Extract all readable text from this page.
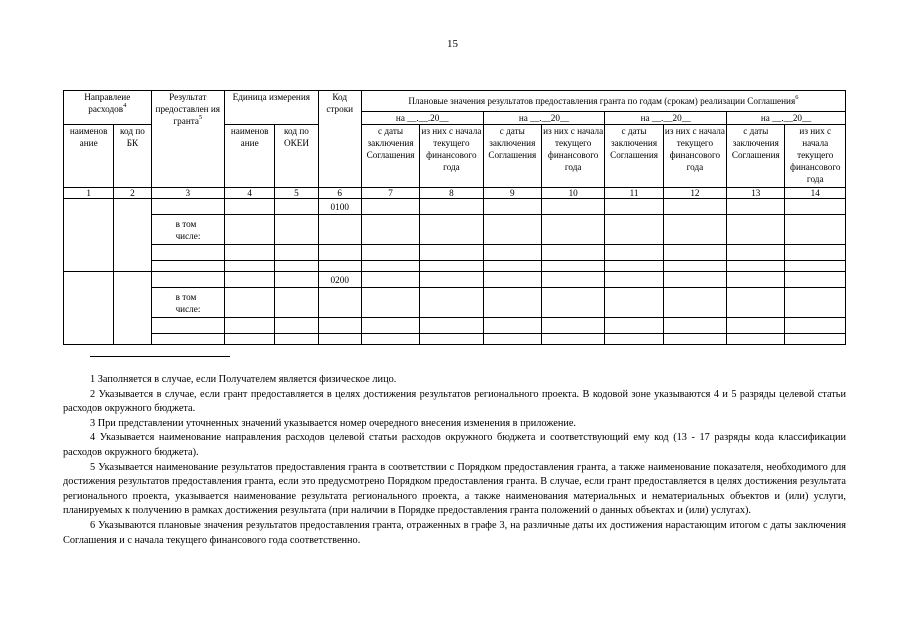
15
Направлеие расходов$^4$		Результат предоставлен ия гранта$^5$	Единица измерения		Код строки	Плановые значения результатов предоставления гранта по годам (срокам) реализации Соглашения$^6$
						на __.__.20__		на __.__20__		на __.__20__		на __.__20__	
наименов ание	код по БК		наименов ание	код по ОКЕИ		с даты заключения Соглашения	из них с начала текущего финансового года	с даты заключения Соглашения	из них с начала текущего финансового года	с даты заключения Соглашения	из них с начала текущего финансового года	с даты заключения Соглашения	из них с начала текущего финансового года
1	2	3	4	5	6	7	8	9	10	11	12	13	14
					0100								
		в том числе:											

					0200								
		в том числе:											

1 Заполняется в случае, если Получателем является физическое лицо.

2 Указывается в случае, если грант предоставляется в целях достижения результатов регионального проекта. В кодовой зоне указываются 4 и 5 разряды целевой статьи расходов окружного бюджета.

3 При представлении уточненных значений указывается номер очередного внесения изменения в приложение.

4 Указывается наименование направления расходов целевой статьи расходов окружного бюджета и соответствующий ему код (13 - 17 разряды кода классификации расходов окружного бюджета).

5 Указывается наименование результатов предоставления гранта в соответствии с Порядком предоставления гранта, а также наименование показателя, необходимого для достижения результатов предоставления гранта, если это предусмотрено Порядком предоставления гранта. В случае, если грант предоставляется в целях достижения результата регионального проекта, указывается наименование результата регионального проекта, а также наименования материальных и нематериальных объектов и (или) услуги, планируемых к получению в рамках достижения результата (при наличии в Порядке предоставления гранта положений о данных объектах и (или) услугах).

6 Указываются плановые значения результатов предоставления гранта, отраженных в графе 3, на различные даты их достижения нарастающим итогом с даты заключения Соглашения и с начала текущего финансового года соответственно.
